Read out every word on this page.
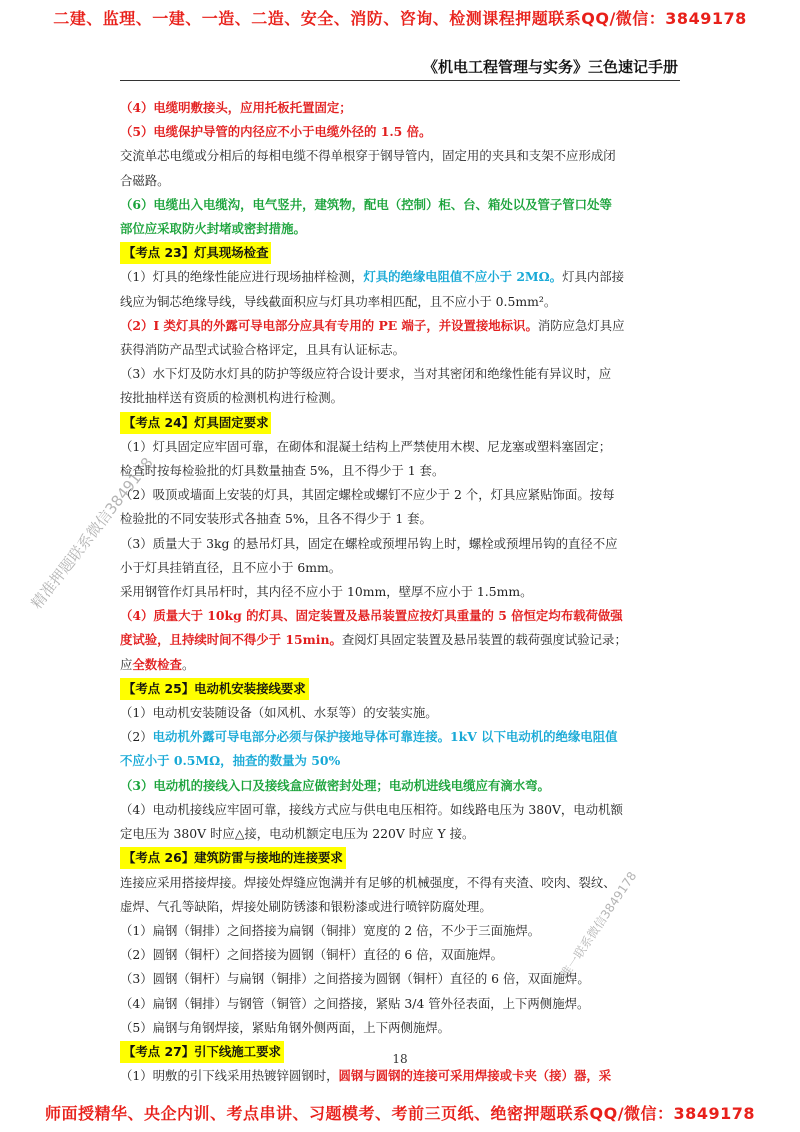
二建、监理、一建、一造、二造、安全、消防、咨询、检测课程押题联系QQ/微信：3849178
《机电工程管理与实务》三色速记手册
（4）电缆明敷接头，应用托板托置固定；
（5）电缆保护导管的内径应不小于电缆外径的 1.5 倍。
交流单芯电缆或分相后的每相电缆不得单根穿于钢导管内，固定用的夹具和支架不应形成闭
合磁路。
（6）电缆出入电缆沟，电气竖井，建筑物，配电（控制）柜、台、箱处以及管子管口处等
部位应采取防火封堵或密封措施。
【考点 23】灯具现场检查
（1）灯具的绝缘性能应进行现场抽样检测，灯具的绝缘电阻值不应小于 2MΩ。灯具内部接
线应为铜芯绝缘导线，导线截面积应与灯具功率相匹配，且不应小于 0.5mm²。
（2）I 类灯具的外露可导电部分应具有专用的 PE 端子，并设置接地标识。消防应急灯具应
获得消防产品型式试验合格评定，且具有认证标志。
（3）水下灯及防水灯具的防护等级应符合设计要求，当对其密闭和绝缘性能有异议时，应
按批抽样送有资质的检测机构进行检测。
【考点 24】灯具固定要求
（1）灯具固定应牢固可靠，在砌体和混凝土结构上严禁使用木楔、尼龙塞或塑料塞固定；
检查时按每检验批的灯具数量抽查 5%，且不得少于 1 套。
（2）吸顶或墙面上安装的灯具，其固定螺栓或螺钉不应少于 2 个，灯具应紧贴饰面。按每
检验批的不同安装形式各抽查 5%，且各不得少于 1 套。
（3）质量大于 3kg 的悬吊灯具，固定在螺栓或预埋吊钩上时，螺栓或预埋吊钩的直径不应
小于灯具挂销直径，且不应小于 6mm。
采用钢管作灯具吊杆时，其内径不应小于 10mm，壁厚不应小于 1.5mm。
（4）质量大于 10kg 的灯具、固定装置及悬吊装置应按灯具重量的 5 倍恒定均布载荷做强
度试验，且持续时间不得少于 15min。查阅灯具固定装置及悬吊装置的载荷强度试验记录；
应全数检查。
【考点 25】电动机安装接线要求
（1）电动机安装随设备（如风机、水泵等）的安装实施。
（2）电动机外露可导电部分必须与保护接地导体可靠连接。1kV 以下电动机的绝缘电阻值
不应小于 0.5MΩ，抽查的数量为 50%
（3）电动机的接线入口及接线盒应做密封处理；电动机进线电缆应有滴水弯。
（4）电动机接线应牢固可靠，接线方式应与供电电压相符。如线路电压为 380V，电动机额
定电压为 380V 时应△接，电动机额定电压为 220V 时应 Y 接。
【考点 26】建筑防雷与接地的连接要求
连接应采用搭接焊接。焊接处焊缝应饱满并有足够的机械强度，不得有夹渣、咬肉、裂纹、
虚焊、气孔等缺陷，焊接处刷防锈漆和银粉漆或进行喷锌防腐处理。
（1）扁钢（铜排）之间搭接为扁钢（铜排）宽度的 2 倍，不少于三面施焊。
（2）圆钢（铜杆）之间搭接为圆钢（铜杆）直径的 6 倍，双面施焊。
（3）圆钢（铜杆）与扁钢（铜排）之间搭接为圆钢（铜杆）直径的 6 倍，双面施焊。
（4）扁钢（铜排）与钢管（铜管）之间搭接，紧贴 3/4 管外径表面，上下两侧施焊。
（5）扁钢与角钢焊接，紧贴角钢外侧两面，上下两侧施焊。
【考点 27】引下线施工要求
（1）明敷的引下线采用热镀锌圆钢时，圆钢与圆钢的连接可采用焊接或卡夹（接）器，采
精准押题联系微信3849178
唯一联系微信3849178
18
师面授精华、央企内训、考点串讲、习题模考、考前三页纸、绝密押题联系QQ/微信：3849178
